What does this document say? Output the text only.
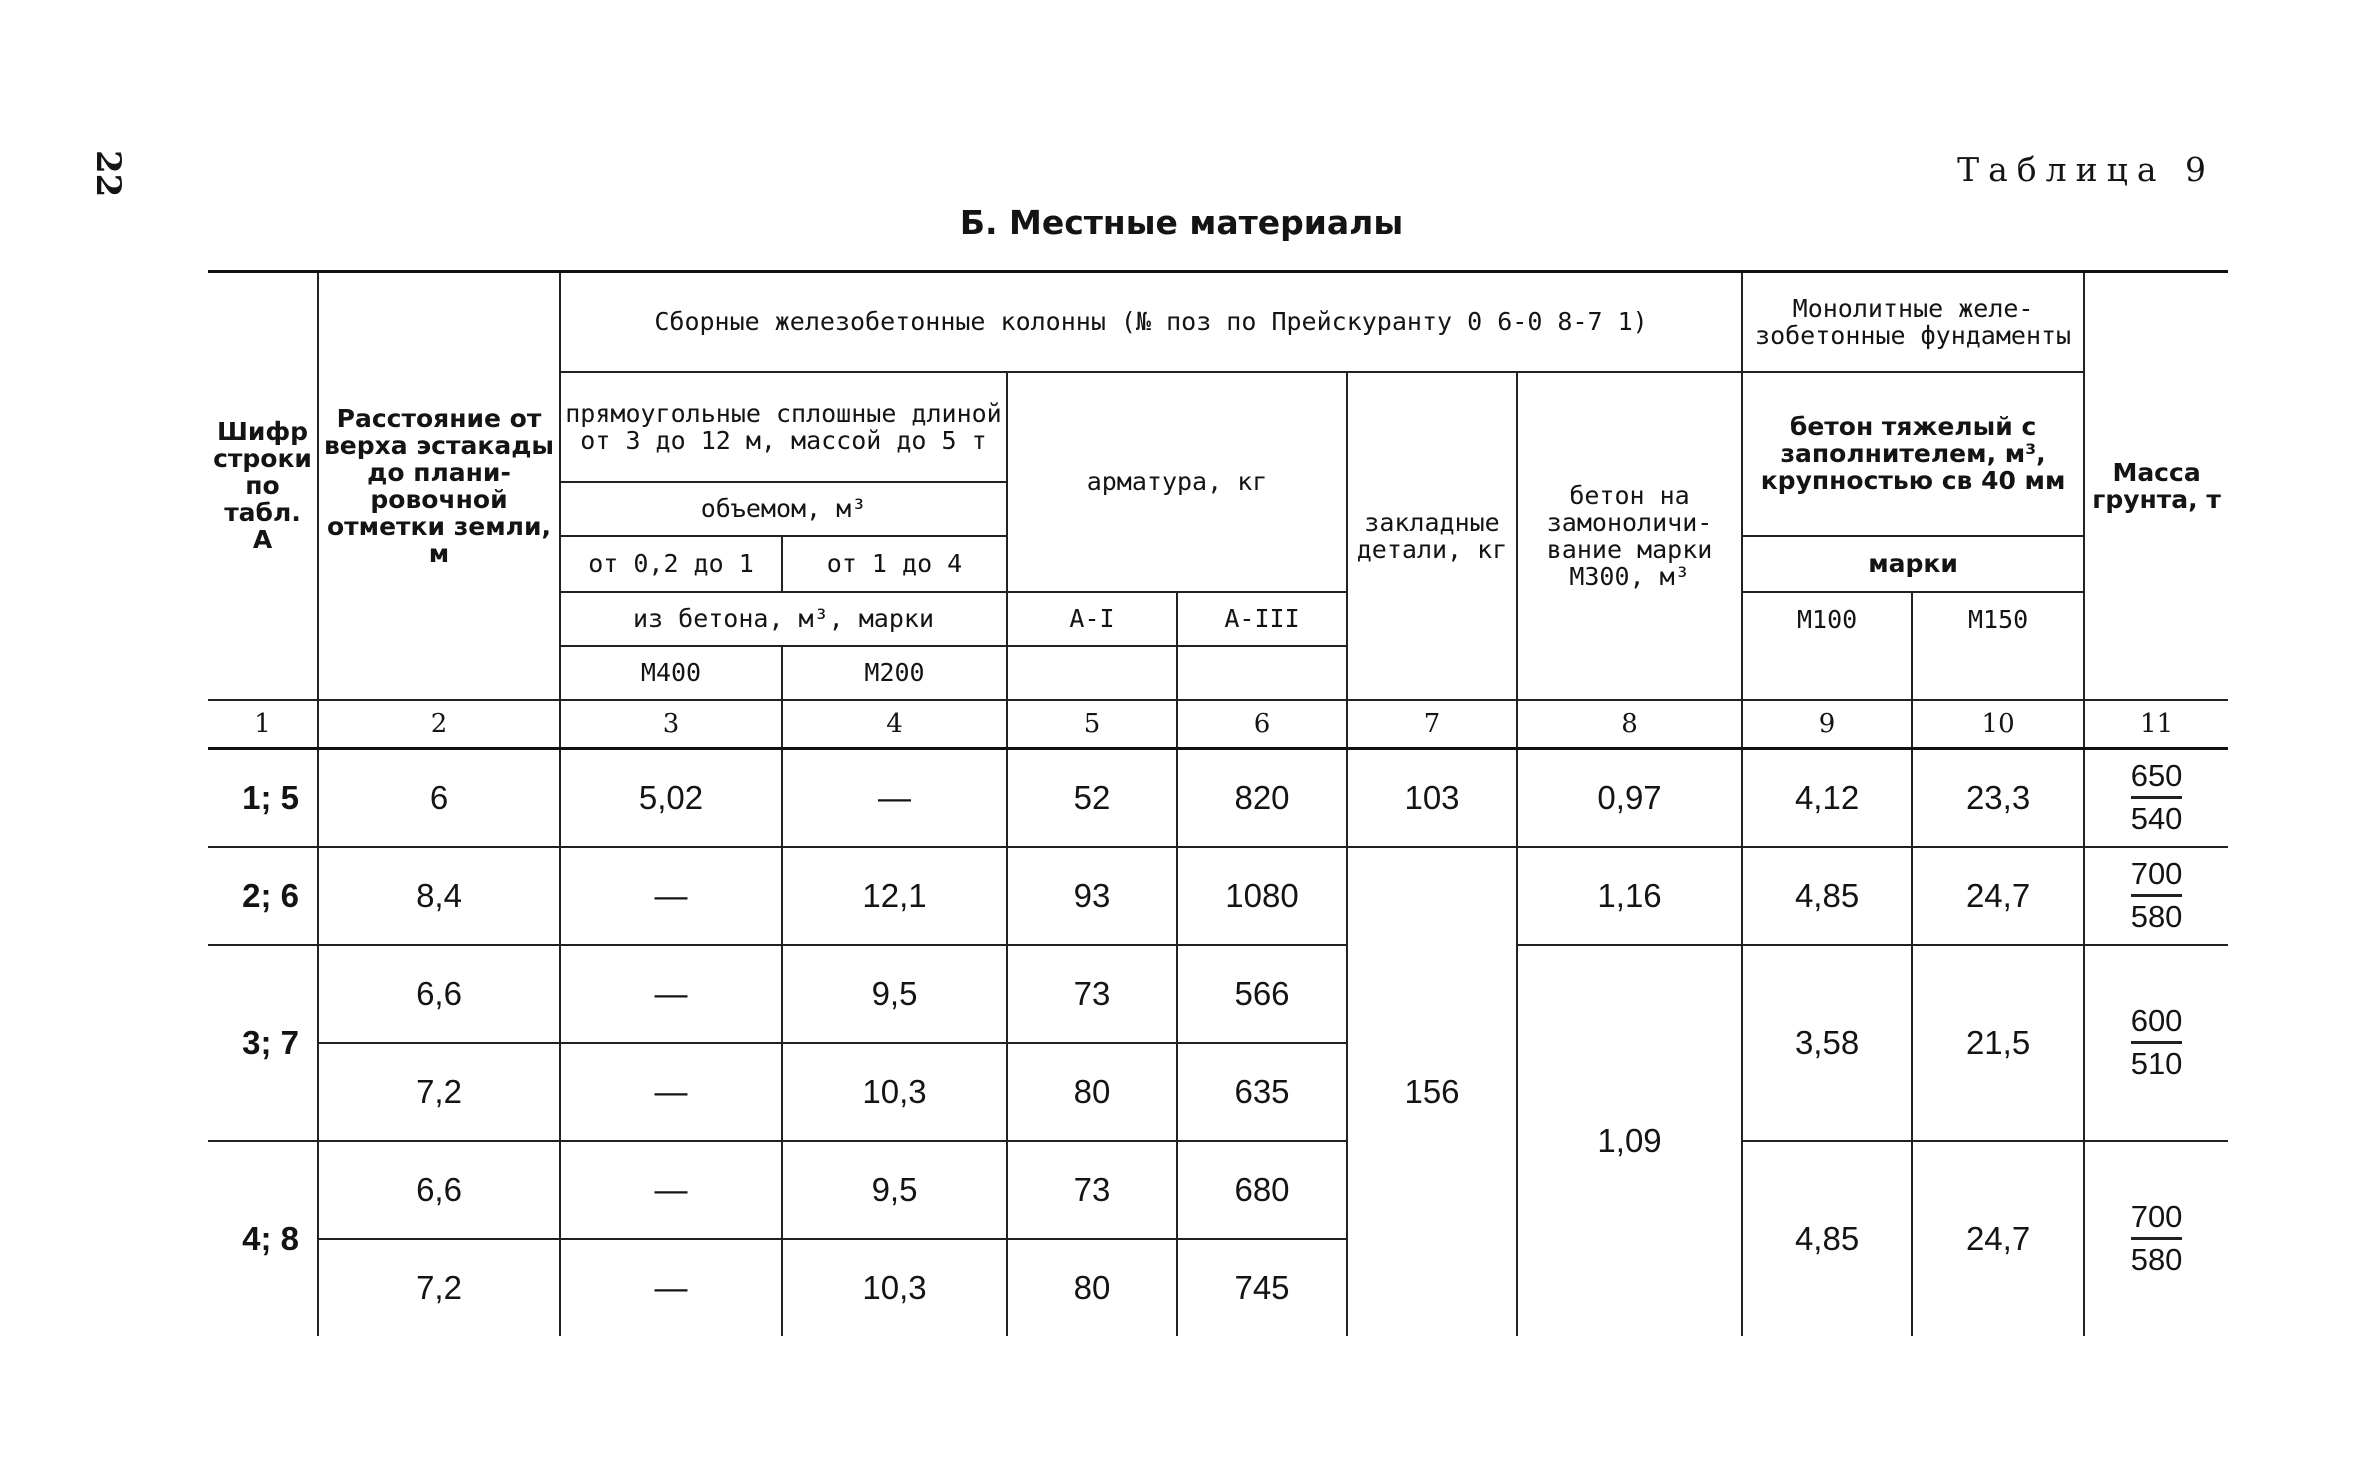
22	Таблица 9
Б. Местные материалы
Шифр строки по табл. А	Расстояние от верха эстакады до плани-ровочной отметки земли, м	Сборные железобетонные колонны (№ поз по Прейскуранту 0 6-0 8-7 1)						Монолитные желе-зобетонные фундаменты		Масса грунта, т
		прямоугольные сплошные длиной от 3 до 12 м, массой до 5 т		арматура, кг		закладные детали, кг	бетон на замоноличи-вание марки М300, м³	бетон тяжелый с заполнителем, м³, крупностью св 40 мм		
		объемом, м³								
		от 0,2 до 1	от 1 до 4					марки		
		из бетона, м³, марки		A-I	A-III			М100	М150	
		М400	М200							
1	2	3	4	5	6	7	8	9	10	11
1; 5	6	5,02	—	52	820	103	0,97	4,12	23,3	$\frac{650}{540}$

2; 6	8,4	—	12,1	93	1080	156	1,16	4,85	24,7	$\frac{700}{580}$

3; 7	6,6	—	9,5	73	566		1,09	3,58	21,5	$\frac{600}{510}$

	7,2	—	10,3	80	635					
4; 8	6,6	—	9,5	73	680			4,85	24,7	$\frac{700}{580}$

	7,2	—	10,3	80	745					
